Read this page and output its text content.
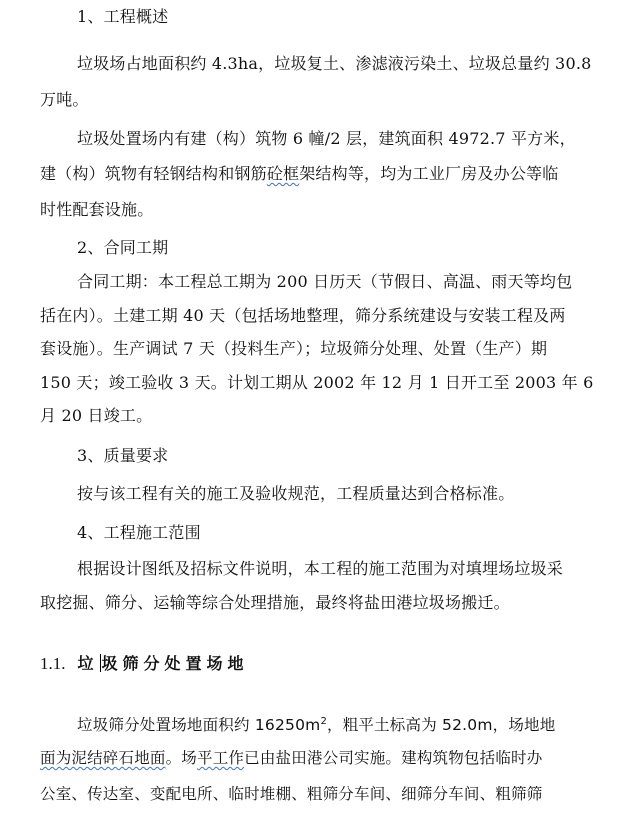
1、工程概述
垃圾场占地面积约 4.3ha，垃圾复土、渗滤液污染土、垃圾总量约 30.8
万吨。
垃圾处置场内有建（构）筑物 6 幢/2 层，建筑面积 4972.7 平方米，
建（构）筑物有轻钢结构和钢筋砼框架结构等，均为工业厂房及办公等临
时性配套设施。
2、合同工期
合同工期：本工程总工期为 200 日历天（节假日、高温、雨天等均包
括在内）。土建工期 40 天（包括场地整理，筛分系统建设与安装工程及两
套设施）。生产调试 7 天（投料生产）；垃圾筛分处理、处置（生产）期
150 天；竣工验收 3 天。计划工期从 2002 年 12 月 1 日开工至 2003 年 6
月 20 日竣工。
3、质量要求
按与该工程有关的施工及验收规范，工程质量达到合格标准。
4、工程施工范围
根据设计图纸及招标文件说明，本工程的施工范围为对填埋场垃圾采
取挖掘、筛分、运输等综合处理措施，最终将盐田港垃圾场搬迁。
1.1. 垃 圾筛分处置场地
垃圾筛分处置场地面积约 $16250m^2$，粗平土标高为 52.0m，场地地
面为泥结碎石地面。场平工作已由盐田港公司实施。建构筑物包括临时办
公室、传达室、变配电所、临时堆棚、粗筛分车间、细筛分车间、粗筛筛
